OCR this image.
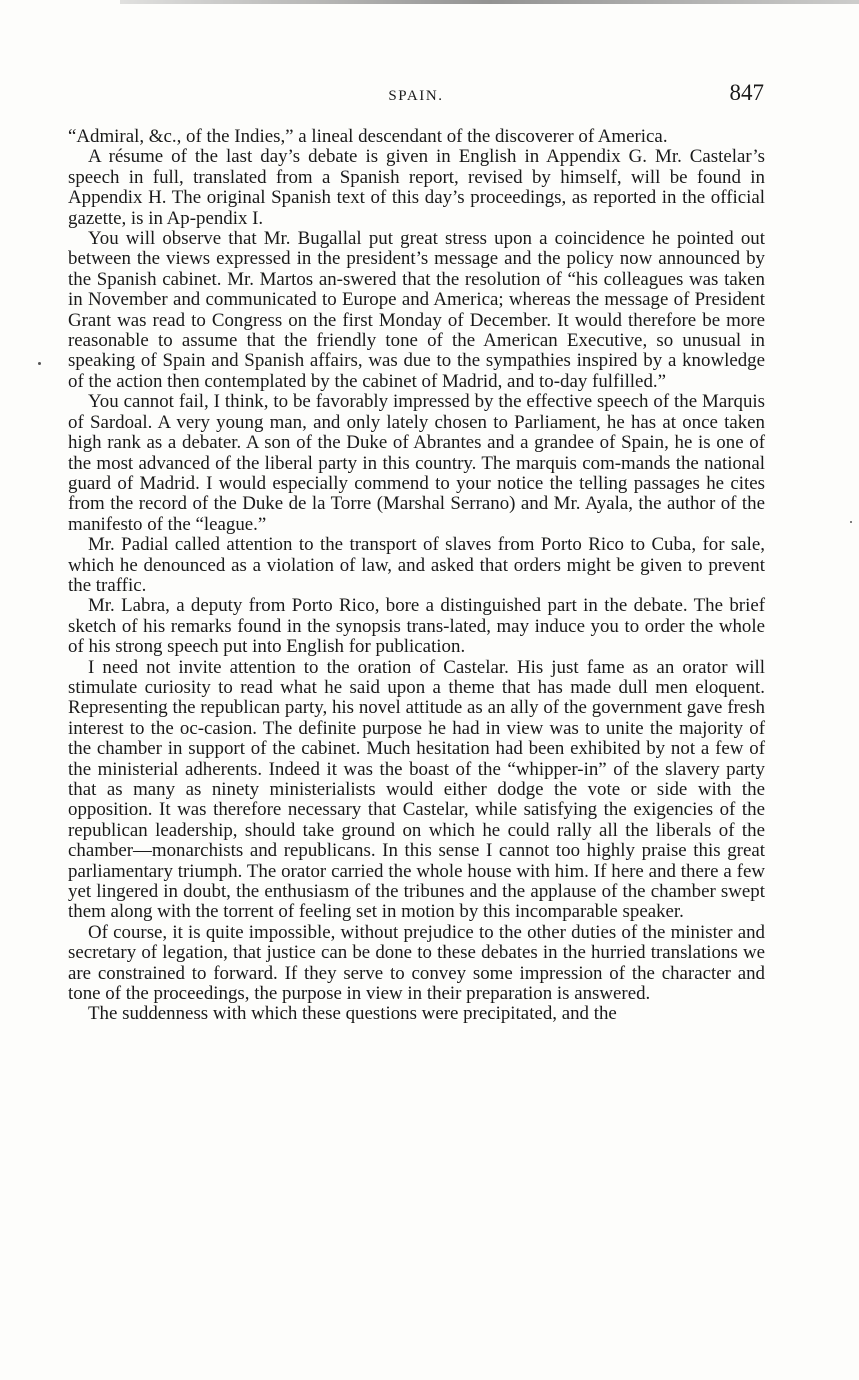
SPAIN.	847

“Admiral, &c., of the Indies,” a lineal descendant of the discoverer of America.

A résume of the last day’s debate is given in English in Appendix G. Mr. Castelar’s speech in full, translated from a Spanish report, revised by himself, will be found in Appendix H. The original Spanish text of this day’s proceedings, as reported in the official gazette, is in Ap-pendix I.

You will observe that Mr. Bugallal put great stress upon a coincidence he pointed out between the views expressed in the president’s message and the policy now announced by the Spanish cabinet. Mr. Martos an-swered that the resolution of “his colleagues was taken in November and communicated to Europe and America; whereas the message of President Grant was read to Congress on the first Monday of December. It would therefore be more reasonable to assume that the friendly tone of the American Executive, so unusual in speaking of Spain and Spanish affairs, was due to the sympathies inspired by a knowledge of the action then contemplated by the cabinet of Madrid, and to-day fulfilled.”

You cannot fail, I think, to be favorably impressed by the effective speech of the Marquis of Sardoal. A very young man, and only lately chosen to Parliament, he has at once taken high rank as a debater. A son of the Duke of Abrantes and a grandee of Spain, he is one of the most advanced of the liberal party in this country. The marquis com-mands the national guard of Madrid. I would especially commend to your notice the telling passages he cites from the record of the Duke de la Torre (Marshal Serrano) and Mr. Ayala, the author of the manifesto of the “league.”

Mr. Padial called attention to the transport of slaves from Porto Rico to Cuba, for sale, which he denounced as a violation of law, and asked that orders might be given to prevent the traffic.

Mr. Labra, a deputy from Porto Rico, bore a distinguished part in the debate. The brief sketch of his remarks found in the synopsis trans-lated, may induce you to order the whole of his strong speech put into English for publication.

I need not invite attention to the oration of Castelar. His just fame as an orator will stimulate curiosity to read what he said upon a theme that has made dull men eloquent. Representing the republican party, his novel attitude as an ally of the government gave fresh interest to the oc-casion. The definite purpose he had in view was to unite the majority of the chamber in support of the cabinet. Much hesitation had been exhibited by not a few of the ministerial adherents. Indeed it was the boast of the “whipper-in” of the slavery party that as many as ninety ministerialists would either dodge the vote or side with the opposition. It was therefore necessary that Castelar, while satisfying the exigencies of the republican leadership, should take ground on which he could rally all the liberals of the chamber—monarchists and republicans. In this sense I cannot too highly praise this great parliamentary triumph. The orator carried the whole house with him. If here and there a few yet lingered in doubt, the enthusiasm of the tribunes and the applause of the chamber swept them along with the torrent of feeling set in motion by this incomparable speaker.

Of course, it is quite impossible, without prejudice to the other duties of the minister and secretary of legation, that justice can be done to these debates in the hurried translations we are constrained to forward. If they serve to convey some impression of the character and tone of the proceedings, the purpose in view in their preparation is answered.

The suddenness with which these questions were precipitated, and the
